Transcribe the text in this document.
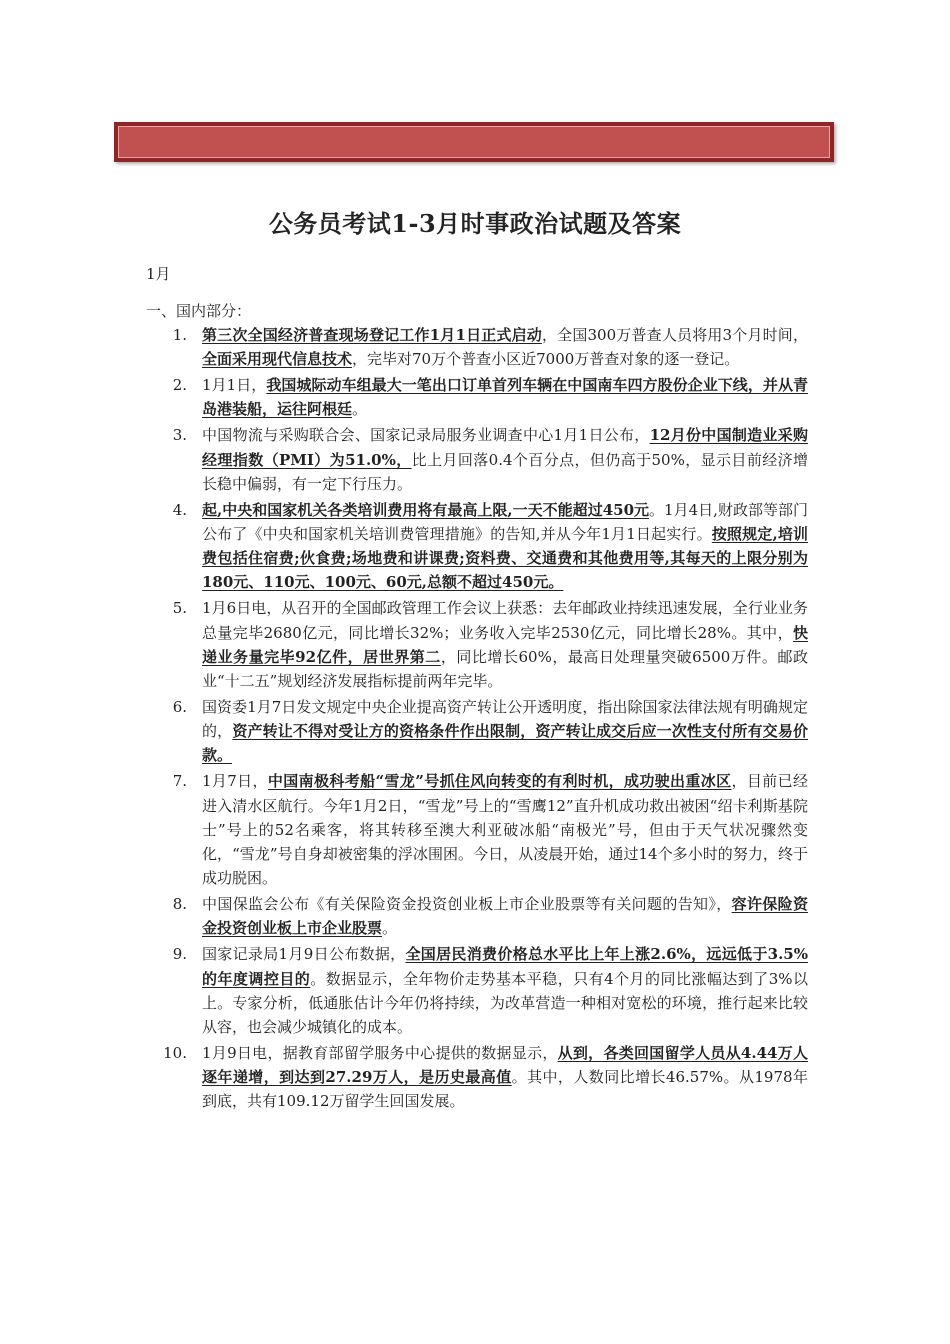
公务员考试1-3月时事政治试题及答案
1月
一、国内部分：
1. 第三次全国经济普查现场登记工作1月1日正式启动，全国300万普查人员将用3个月时间，全面采用现代信息技术，完毕对70万个普查小区近7000万普查对象的逐一登记。
2. 1月1日，我国城际动车组最大一笔出口订单首列车辆在中国南车四方股份企业下线，并从青岛港装船，运往阿根廷。
3. 中国物流与采购联合会、国家记录局服务业调查中心1月1日公布，12月份中国制造业采购经理指数（PMI）为51.0%，比上月回落0.4个百分点，但仍高于50%，显示目前经济增长稳中偏弱，有一定下行压力。
4. 起,中央和国家机关各类培训费用将有最高上限,一天不能超过450元。1月4日,财政部等部门公布了《中央和国家机关培训费管理措施》的告知,并从今年1月1日起实行。按照规定,培训费包括住宿费;伙食费;场地费和讲课费;资料费、交通费和其他费用等,其每天的上限分别为180元、110元、100元、60元,总额不超过450元。
5. 1月6日电，从召开的全国邮政管理工作会议上获悉：去年邮政业持续迅速发展，全行业业务总量完毕2680亿元，同比增长32%；业务收入完毕2530亿元，同比增长28%。其中，快递业务量完毕92亿件，居世界第二，同比增长60%，最高日处理量突破6500万件。邮政业“十二五”规划经济发展指标提前两年完毕。
6. 国资委1月7日发文规定中央企业提高资产转让公开透明度，指出除国家法律法规有明确规定的，资产转让不得对受让方的资格条件作出限制，资产转让成交后应一次性支付所有交易价款。
7. 1月7日，中国南极科考船“雪龙”号抓住风向转变的有利时机，成功驶出重冰区，目前已经进入清水区航行。今年1月2日，“雪龙”号上的“雪鹰12”直升机成功救出被困“绍卡利斯基院士”号上的52名乘客，将其转移至澳大利亚破冰船“南极光”号，但由于天气状况骤然变化，“雪龙”号自身却被密集的浮冰围困。今日，从凌晨开始，通过14个多小时的努力，终于成功脱困。
8. 中国保监会公布《有关保险资金投资创业板上市企业股票等有关问题的告知》，容许保险资金投资创业板上市企业股票。
9. 国家记录局1月9日公布数据，全国居民消费价格总水平比上年上涨2.6%，远远低于3.5%的年度调控目的。数据显示，全年物价走势基本平稳，只有4个月的同比涨幅达到了3%以上。专家分析，低通胀估计今年仍将持续，为改革营造一种相对宽松的环境，推行起来比较从容，也会减少城镇化的成本。
10. 1月9日电，据教育部留学服务中心提供的数据显示，从到，各类回国留学人员从4.44万人逐年递增，到达到27.29万人，是历史最高值。其中，人数同比增长46.57%。从1978年到底，共有109.12万留学生回国发展。
